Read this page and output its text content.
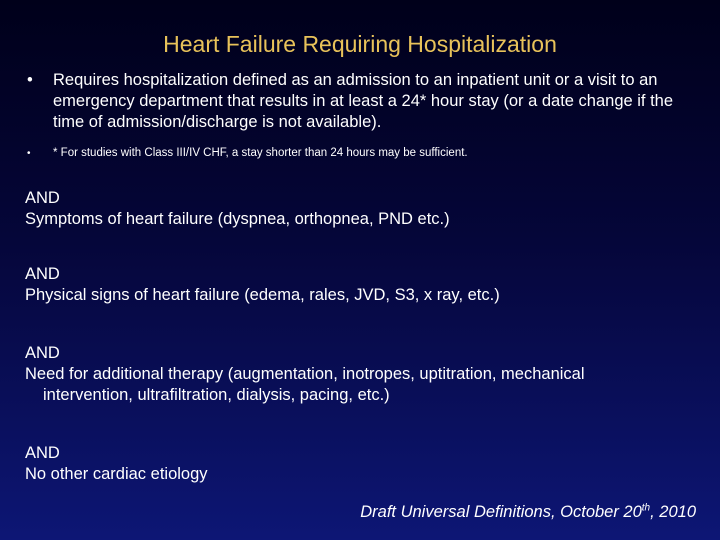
Heart Failure Requiring Hospitalization
• Requires hospitalization defined as an admission to an inpatient unit or a visit to an emergency department that results in at least a 24* hour stay (or a date change if the time of admission/discharge is not available).
• * For studies with Class III/IV CHF, a stay shorter than 24 hours may be sufficient.
AND
Symptoms of heart failure (dyspnea, orthopnea, PND etc.)
AND
Physical signs of heart failure (edema, rales, JVD, S3, x ray, etc.)
AND
Need for additional therapy (augmentation, inotropes, uptitration, mechanical
intervention, ultrafiltration, dialysis, pacing, etc.)
AND
No other cardiac etiology
Draft Universal Definitions, October 20th, 2010
